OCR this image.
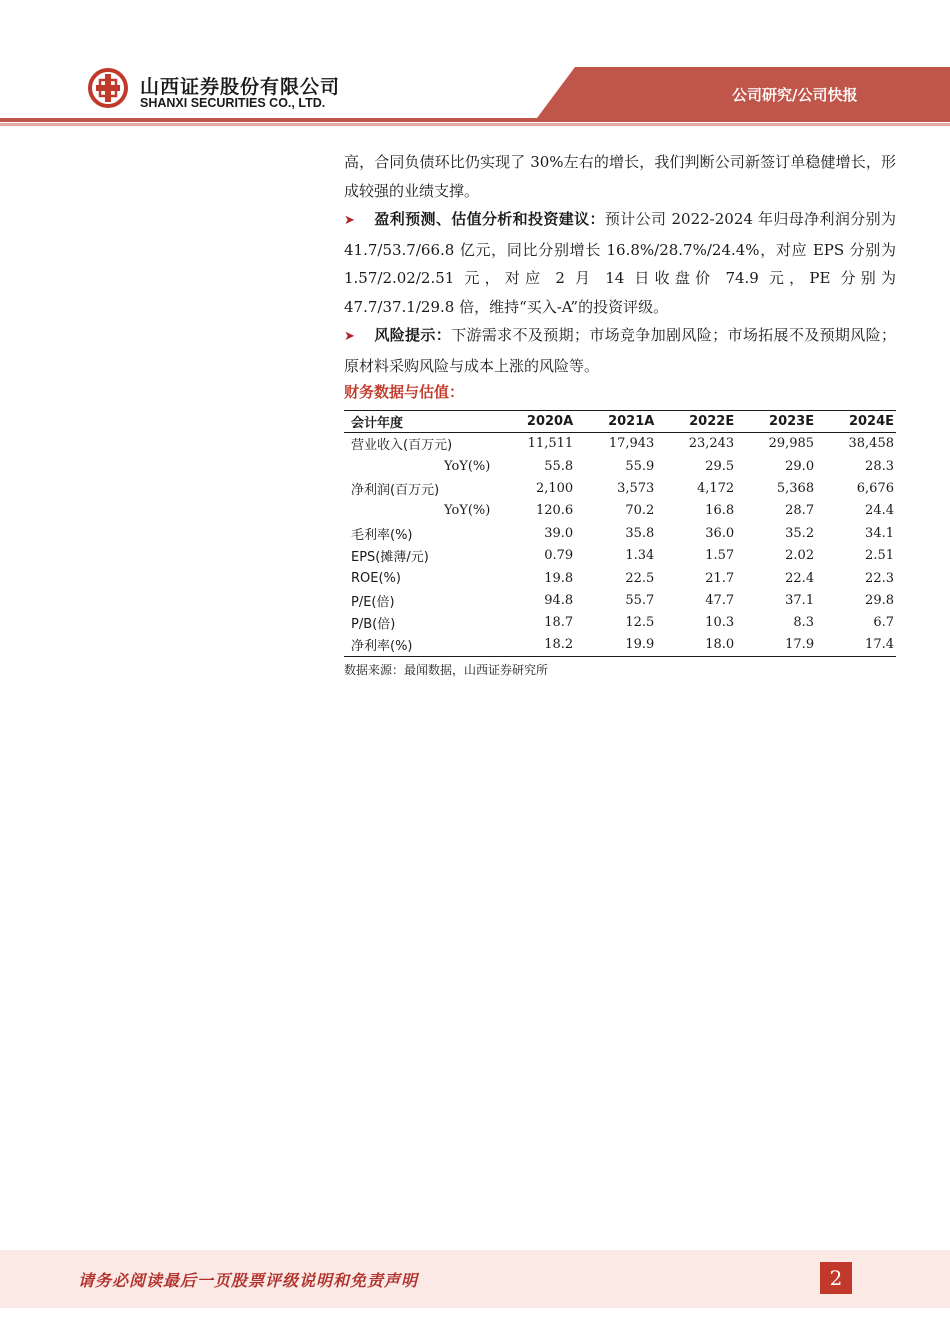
山西证券股份有限公司
SHANXI SECURITIES CO., LTD.	公司研究/公司快报

高，合同负债环比仍实现了 30%左右的增长，我们判断公司新签订单稳健增长，形成较强的业绩支撑。

➤ 盈利预测、估值分析和投资建议：预计公司 2022-2024 年归母净利润分别为 41.7/53.7/66.8 亿元，同比分别增长 16.8%/28.7%/24.4%，对应 EPS 分别为 1.57/2.02/2.51 元，对应 2 月 14 日收盘价 74.9 元，PE 分别为 47.7/37.1/29.8 倍，维持“买入-A”的投资评级。

➤ 风险提示：下游需求不及预期；市场竞争加剧风险；市场拓展不及预期风险；原材料采购风险与成本上涨的风险等。

财务数据与估值：
会计年度	2020A	2021A	2022E	2023E	2024E
营业收入(百万元)	11,511	17,943	23,243	29,985	38,458
YoY(%)	55.8	55.9	29.5	29.0	28.3
净利润(百万元)	2,100	3,573	4,172	5,368	6,676
YoY(%)	120.6	70.2	16.8	28.7	24.4
毛利率(%)	39.0	35.8	36.0	35.2	34.1
EPS(摊薄/元)	0.79	1.34	1.57	2.02	2.51
ROE(%)	19.8	22.5	21.7	22.4	22.3
P/E(倍)	94.8	55.7	47.7	37.1	29.8
P/B(倍)	18.7	12.5	10.3	8.3	6.7
净利率(%)	18.2	19.9	18.0	17.9	17.4
数据来源：最闻数据，山西证券研究所
请务必阅读最后一页股票评级说明和免责声明	2
